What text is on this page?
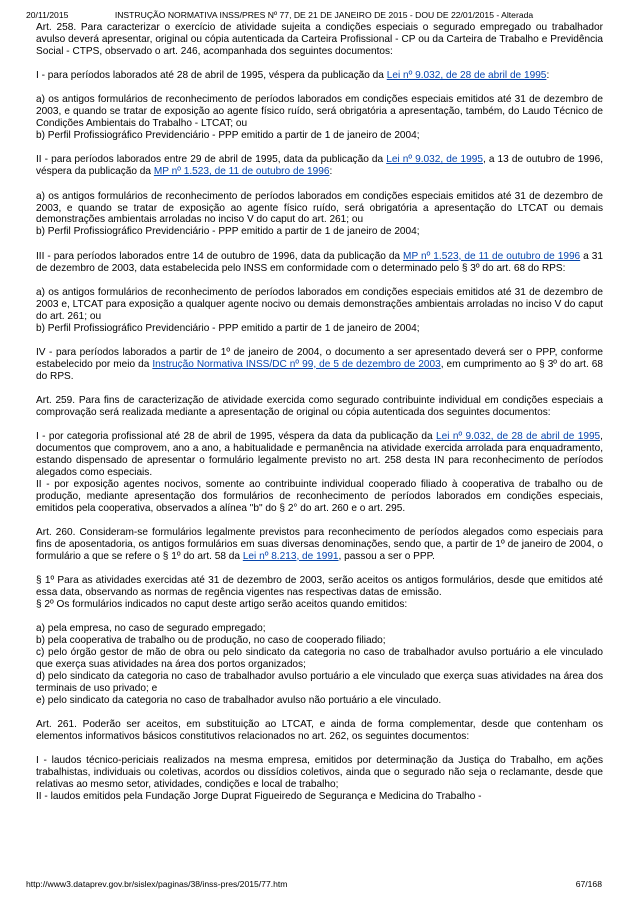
20/11/2015	INSTRUÇÃO NORMATIVA INSS/PRES Nº 77, DE 21 DE JANEIRO DE 2015 - DOU DE 22/01/2015 - Alterada

Art. 258. Para caracterizar o exercício de atividade sujeita a condições especiais o segurado empregado ou trabalhador avulso deverá apresentar, original ou cópia autenticada da Carteira Profissional - CP ou da Carteira de Trabalho e Previdência Social - CTPS, observado o art. 246, acompanhada dos seguintes documentos:

I - para períodos laborados até 28 de abril de 1995, véspera da publicação da Lei nº 9.032, de 28 de abril de 1995:

a) os antigos formulários de reconhecimento de períodos laborados em condições especiais emitidos até 31 de dezembro de 2003, e quando se tratar de exposição ao agente físico ruído, será obrigatória a apresentação, também, do Laudo Técnico de Condições Ambientais do Trabalho - LTCAT; ou
b) Perfil Profissiográfico Previdenciário - PPP emitido a partir de 1 de janeiro de 2004;

II - para períodos laborados entre 29 de abril de 1995, data da publicação da Lei nº 9.032, de 1995, a 13 de outubro de 1996, véspera da publicação da MP nº 1.523, de 11 de outubro de 1996:

a) os antigos formulários de reconhecimento de períodos laborados em condições especiais emitidos até 31 de dezembro de 2003, e quando se tratar de exposição ao agente físico ruído, será obrigatória a apresentação do LTCAT ou demais demonstrações ambientais arroladas no inciso V do caput do art. 261; ou
b) Perfil Profissiográfico Previdenciário - PPP emitido a partir de 1 de janeiro de 2004;

III - para períodos laborados entre 14 de outubro de 1996, data da publicação da MP nº 1.523, de 11 de outubro de 1996 a 31 de dezembro de 2003, data estabelecida pelo INSS em conformidade com o determinado pelo § 3º do art. 68 do RPS:

a) os antigos formulários de reconhecimento de períodos laborados em condições especiais emitidos até 31 de dezembro de 2003 e, LTCAT para exposição a qualquer agente nocivo ou demais demonstrações ambientais arroladas no inciso V do caput do art. 261; ou
b) Perfil Profissiográfico Previdenciário - PPP emitido a partir de 1 de janeiro de 2004;

IV - para períodos laborados a partir de 1º de janeiro de 2004, o documento a ser apresentado deverá ser o PPP, conforme estabelecido por meio da Instrução Normativa INSS/DC nº 99, de 5 de dezembro de 2003, em cumprimento ao § 3º do art. 68 do RPS.

Art. 259. Para fins de caracterização de atividade exercida como segurado contribuinte individual em condições especiais a comprovação será realizada mediante a apresentação de original ou cópia autenticada dos seguintes documentos:

I - por categoria profissional até 28 de abril de 1995, véspera da data da publicação da Lei nº 9.032, de 28 de abril de 1995, documentos que comprovem, ano a ano, a habitualidade e permanência na atividade exercida arrolada para enquadramento, estando dispensado de apresentar o formulário legalmente previsto no art. 258 desta IN para reconhecimento de períodos alegados como especiais.
II - por exposição agentes nocivos, somente ao contribuinte individual cooperado filiado à cooperativa de trabalho ou de produção, mediante apresentação dos formulários de reconhecimento de períodos laborados em condições especiais, emitidos pela cooperativa, observados a alínea "b" do § 2° do art. 260 e o art. 295.

Art. 260. Consideram-se formulários legalmente previstos para reconhecimento de períodos alegados como especiais para fins de aposentadoria, os antigos formulários em suas diversas denominações, sendo que, a partir de 1º de janeiro de 2004, o formulário a que se refere o § 1º do art. 58 da Lei nº 8.213, de 1991, passou a ser o PPP.

§ 1º Para as atividades exercidas até 31 de dezembro de 2003, serão aceitos os antigos formulários, desde que emitidos até essa data, observando as normas de regência vigentes nas respectivas datas de emissão.
§ 2º Os formulários indicados no caput deste artigo serão aceitos quando emitidos:

a) pela empresa, no caso de segurado empregado;
b) pela cooperativa de trabalho ou de produção, no caso de cooperado filiado;
c) pelo órgão gestor de mão de obra ou pelo sindicato da categoria no caso de trabalhador avulso portuário a ele vinculado que exerça suas atividades na área dos portos organizados;
d) pelo sindicato da categoria no caso de trabalhador avulso portuário a ele vinculado que exerça suas atividades na área dos terminais de uso privado; e
e) pelo sindicato da categoria no caso de trabalhador avulso não portuário a ele vinculado.

Art. 261. Poderão ser aceitos, em substituição ao LTCAT, e ainda de forma complementar, desde que contenham os elementos informativos básicos constitutivos relacionados no art. 262, os seguintes documentos:

I - laudos técnico-periciais realizados na mesma empresa, emitidos por determinação da Justiça do Trabalho, em ações trabalhistas, individuais ou coletivas, acordos ou dissídios coletivos, ainda que o segurado não seja o reclamante, desde que relativas ao mesmo setor, atividades, condições e local de trabalho;
II - laudos emitidos pela Fundação Jorge Duprat Figueiredo de Segurança e Medicina do Trabalho -

http://www3.dataprev.gov.br/sislex/paginas/38/inss-pres/2015/77.htm	67/168
